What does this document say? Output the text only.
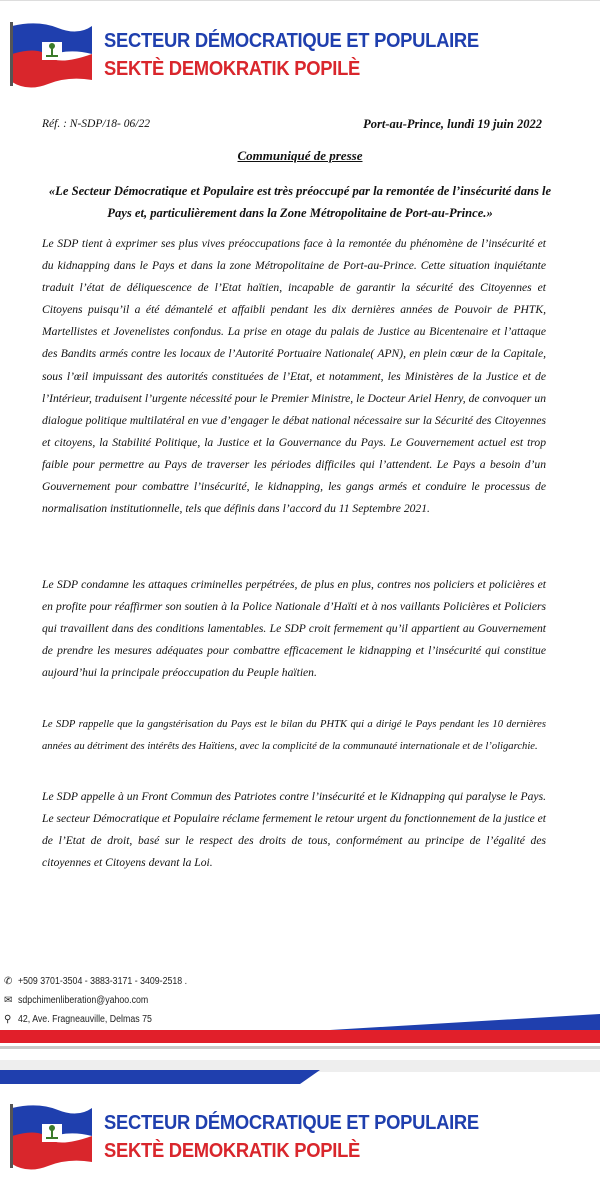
SECTEUR DÉMOCRATIQUE ET POPULAIRE
SEKTÈ DEMOKRATIK POPILÈ
Réf. : N-SDP/18- 06/22	Port-au-Prince, lundi 19 juin 2022
Communiqué de presse
«Le Secteur Démocratique et Populaire est très préoccupé par la remontée de l’insécurité dans le Pays et, particulièrement dans la Zone Métropolitaine de Port-au-Prince.»

Le SDP tient à exprimer ses plus vives préoccupations face à la remontée du phénomène de l’insécurité et du kidnapping dans le Pays et dans la zone Métropolitaine de Port-au-Prince. Cette situation inquiétante traduit l’état de déliquescence de l’Etat haïtien, incapable de garantir la sécurité des Citoyennes et Citoyens puisqu’il a été démantelé et affaibli pendant les dix dernières années de Pouvoir de PHTK, Martellistes et Jovenelistes confondus. La prise en otage du palais de Justice au Bicentenaire et l’attaque des Bandits armés contre les locaux de l’Autorité Portuaire Nationale( APN), en plein cœur de la Capitale, sous l’œil impuissant des autorités constituées de l’Etat, et notamment, les Ministères de la Justice et de l’Intérieur, traduisent l’urgente nécessité pour le Premier Ministre, le Docteur Ariel Henry, de convoquer un dialogue politique multilatéral en vue d’engager le débat national nécessaire sur la Sécurité des Citoyennes et citoyens, la Stabilité Politique, la Justice et la Gouvernance du Pays. Le Gouvernement actuel est trop faible pour permettre au Pays de traverser les périodes difficiles qui l’attendent. Le Pays a besoin d’un Gouvernement pour combattre l’insécurité, le kidnapping, les gangs armés et conduire le processus de normalisation institutionnelle, tels que définis dans l’accord du 11 Septembre 2021.

Le SDP condamne les attaques criminelles perpétrées, de plus en plus, contres nos policiers et policières et en profite pour réaffirmer son soutien à la Police Nationale d’Haïti et à nos vaillants Policières et Policiers qui travaillent dans des conditions lamentables. Le SDP croit fermement qu’il appartient au Gouvernement de prendre les mesures adéquates pour combattre efficacement le kidnapping et l’insécurité qui constitue aujourd’hui la principale préoccupation du Peuple haïtien.

Le SDP rappelle que la gangstérisation du Pays est le bilan du PHTK qui a dirigé le Pays pendant les 10 dernières années au détriment des intérêts des Haïtiens, avec la complicité de la communauté internationale et de l’oligarchie.

Le SDP appelle à un Front Commun des Patriotes contre l’insécurité et le Kidnapping qui paralyse le Pays. Le secteur Démocratique et Populaire réclame fermement le retour urgent du fonctionnement de la justice et de l’Etat de droit, basé sur le respect des droits de tous, conformément au principe de l’égalité des citoyennes et Citoyens devant la Loi.

✆ +509 3701-3504 - 3883-3171 - 3409-2518 .
✉ sdpchimenliberation@yahoo.com
⚲ 42, Ave. Fragneauville, Delmas 75
SECTEUR DÉMOCRATIQUE ET POPULAIRE
SEKTÈ DEMOKRATIK POPILÈ
